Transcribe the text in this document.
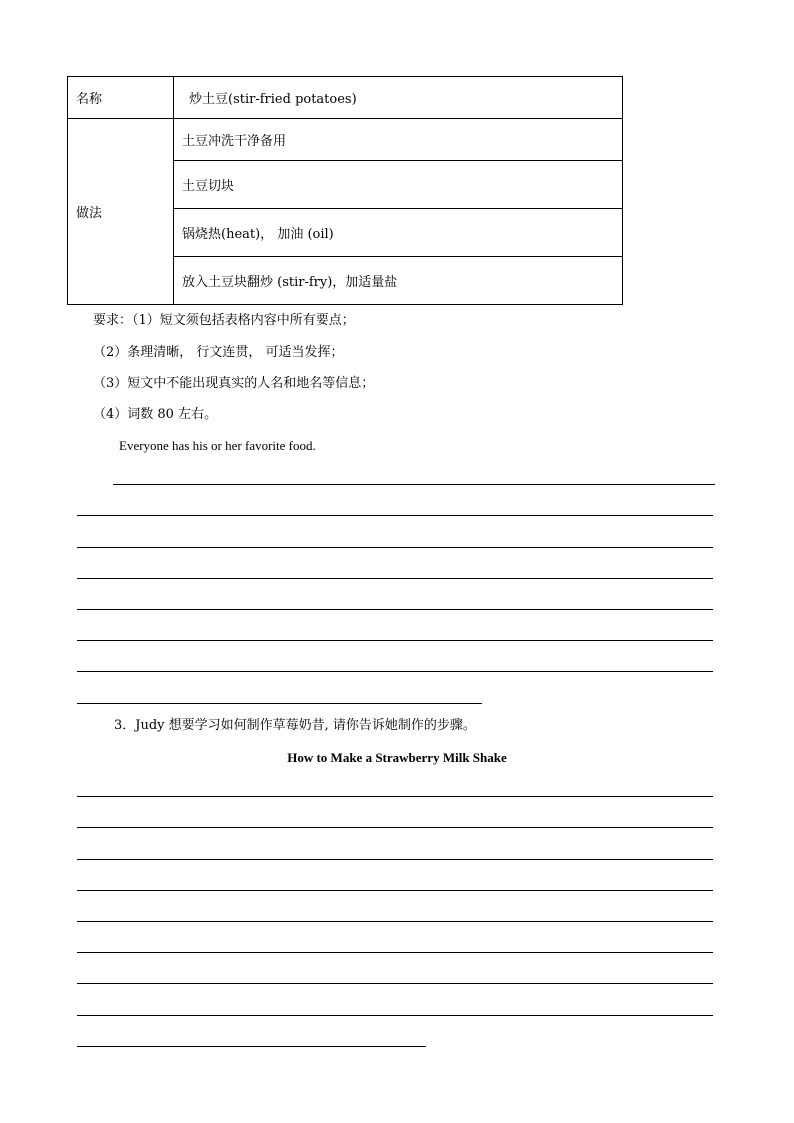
名称	炒土豆(stir-fried potatoes)
做法	土豆冲洗干净备用
	土豆切块
	锅烧热(heat)， 加油 (oil)
	放入土豆块翻炒 (stir-fry)，加适量盐
要求：（1）短文须包括表格内容中所有要点；
（2）条理清晰， 行文连贯， 可适当发挥；
（3）短文中不能出现真实的人名和地名等信息；
（4）词数 80 左右。
Everyone has his or her favorite food.
3．Judy 想要学习如何制作草莓奶昔, 请你告诉她制作的步骤。
How to Make a Strawberry Milk Shake
